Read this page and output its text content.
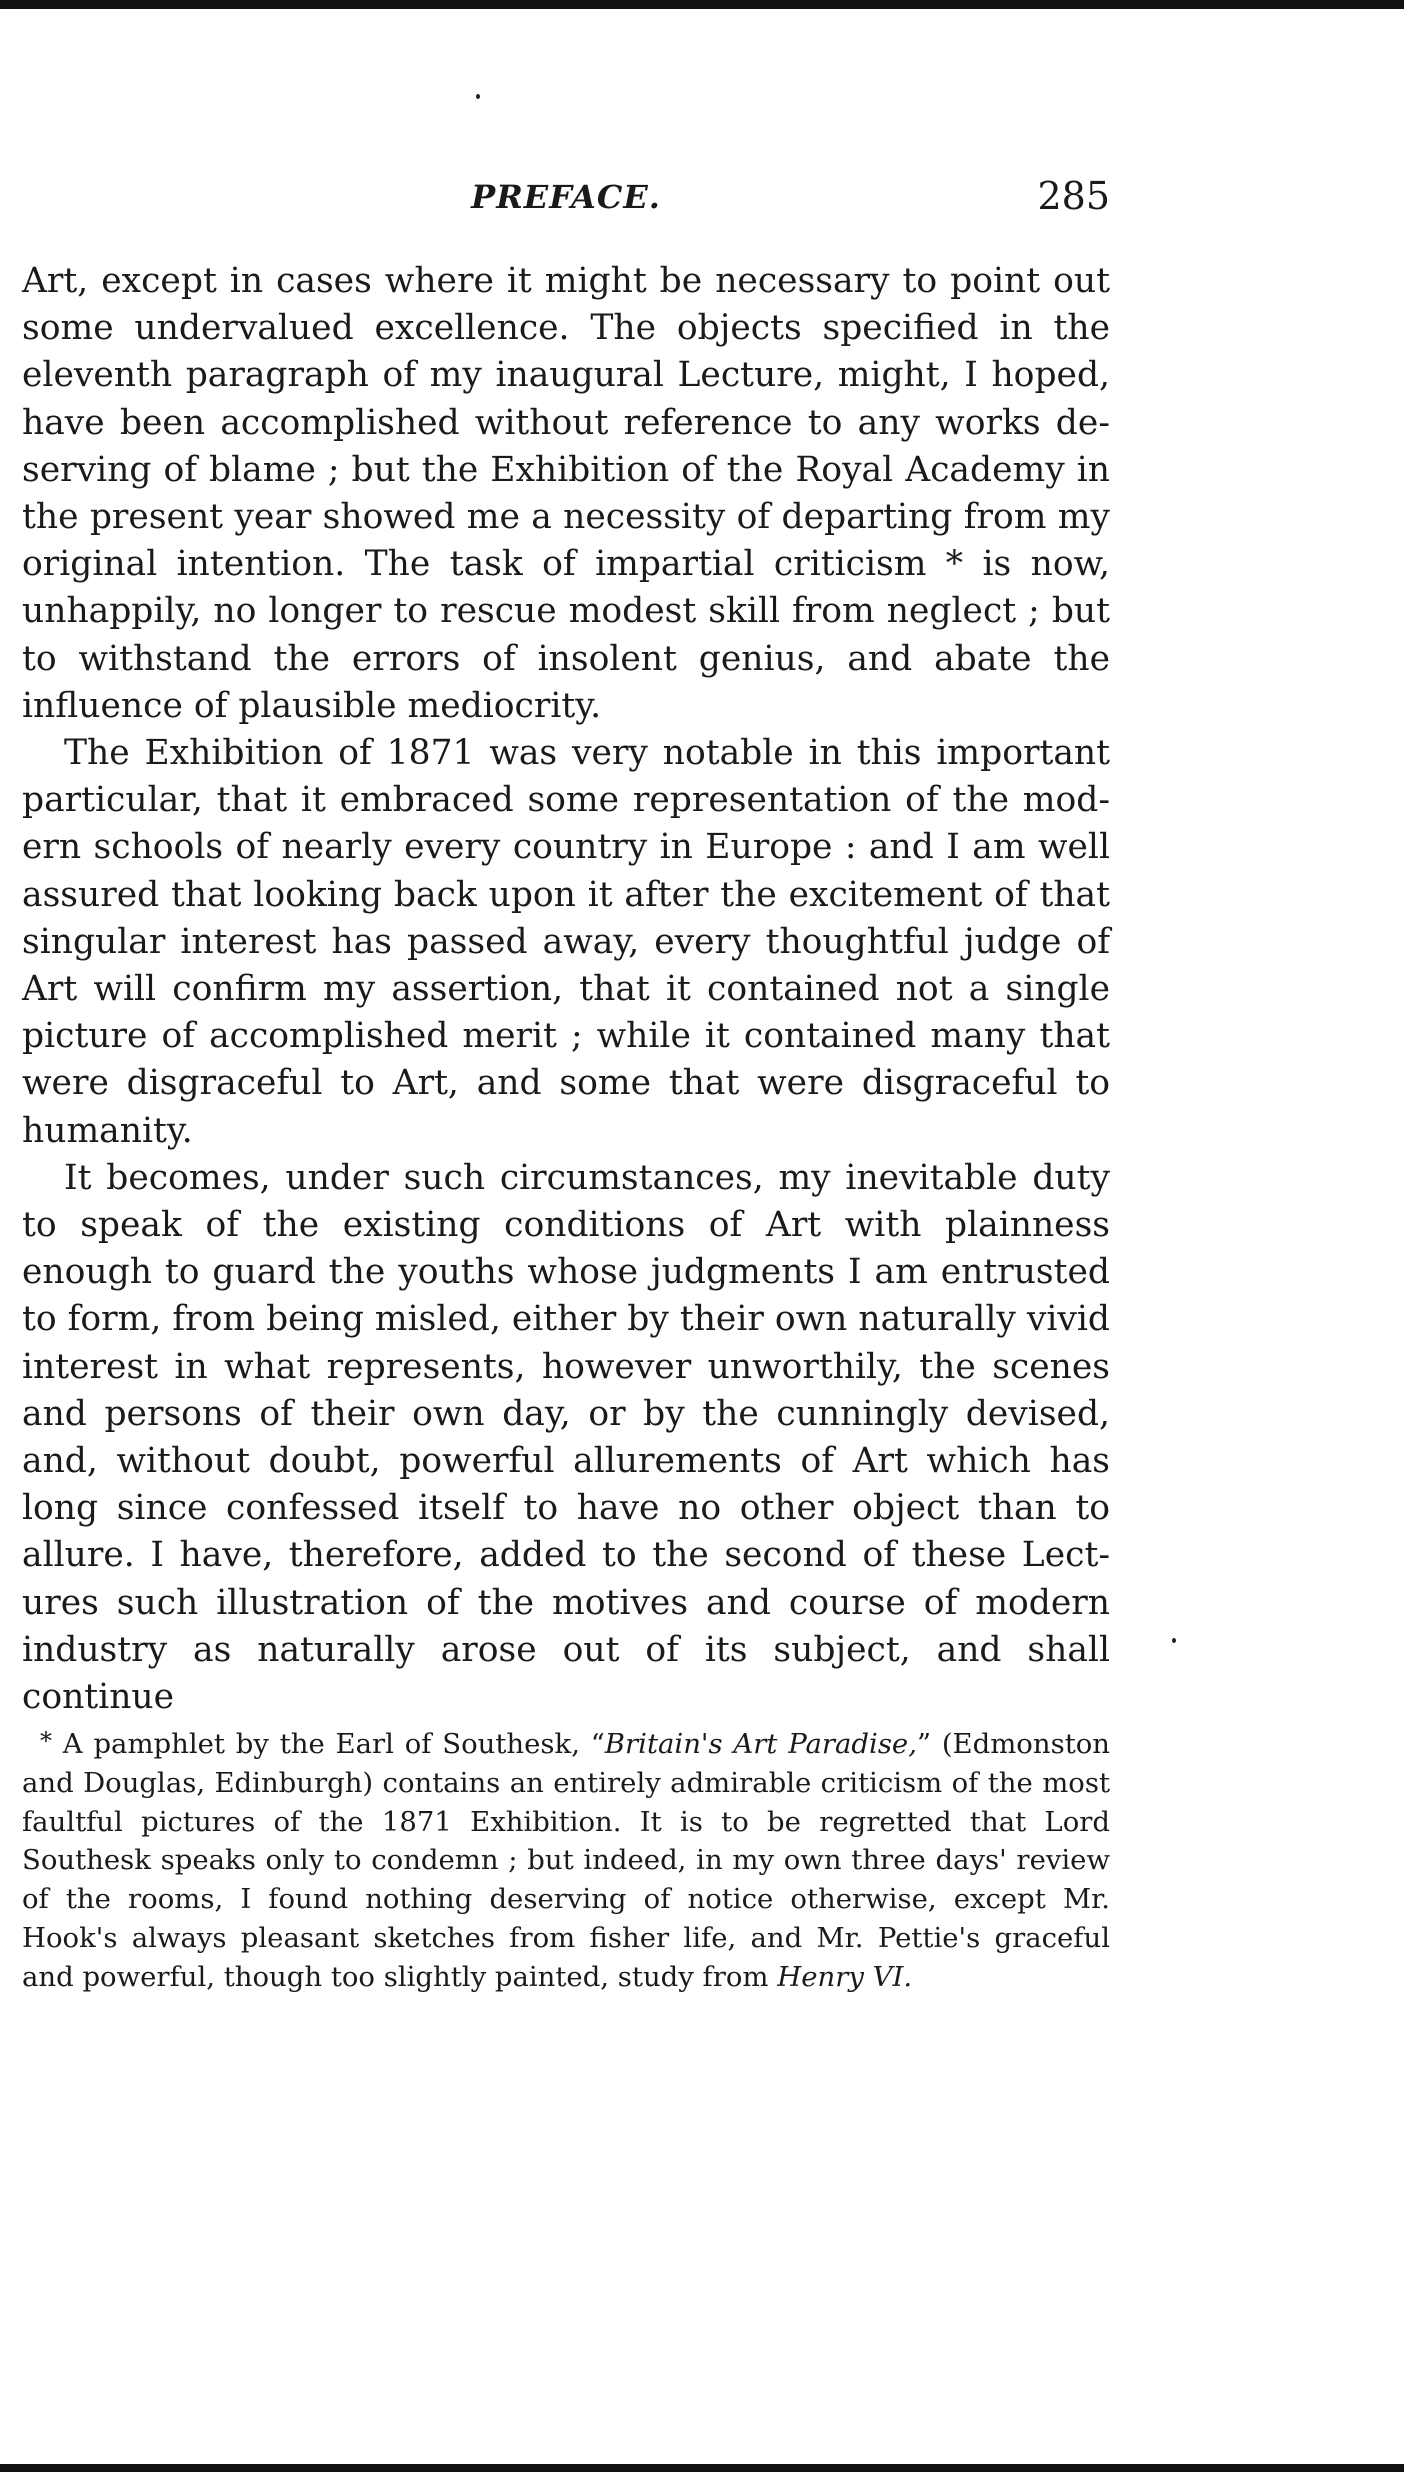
PREFACE.	285

Art, except in cases where it might be necessary to point out some undervalued excellence. The objects specified in the eleventh paragraph of my inaugural Lecture, might, I hoped, have been accomplished without reference to any works deserving of blame ; but the Exhibition of the Royal Academy in the present year showed me a necessity of departing from my original intention. The task of impartial criticism * is now, unhappily, no longer to rescue modest skill from neglect ; but to withstand the errors of insolent genius, and abate the influence of plausible mediocrity.

The Exhibition of 1871 was very notable in this important particular, that it embraced some representation of the modern schools of nearly every country in Europe : and I am well assured that looking back upon it after the excitement of that singular interest has passed away, every thoughtful judge of Art will confirm my assertion, that it contained not a single picture of accomplished merit ; while it contained many that were disgraceful to Art, and some that were disgraceful to humanity.

It becomes, under such circumstances, my inevitable duty to speak of the existing conditions of Art with plainness enough to guard the youths whose judgments I am entrusted to form, from being misled, either by their own naturally vivid interest in what represents, however unworthily, the scenes and persons of their own day, or by the cunningly devised, and, without doubt, powerful allurements of Art which has long since confessed itself to have no other object than to allure. I have, therefore, added to the second of these Lectures such illustration of the motives and course of modern industry as naturally arose out of its subject, and shall continue

* A pamphlet by the Earl of Southesk, “Britain's Art Paradise,” (Edmonston and Douglas, Edinburgh) contains an entirely admirable criticism of the most faultful pictures of the 1871 Exhibition. It is to be regretted that Lord Southesk speaks only to condemn ; but indeed, in my own three days' review of the rooms, I found nothing deserving of notice otherwise, except Mr. Hook's always pleasant sketches from fisher life, and Mr. Pettie's graceful and powerful, though too slightly painted, study from Henry VI.
